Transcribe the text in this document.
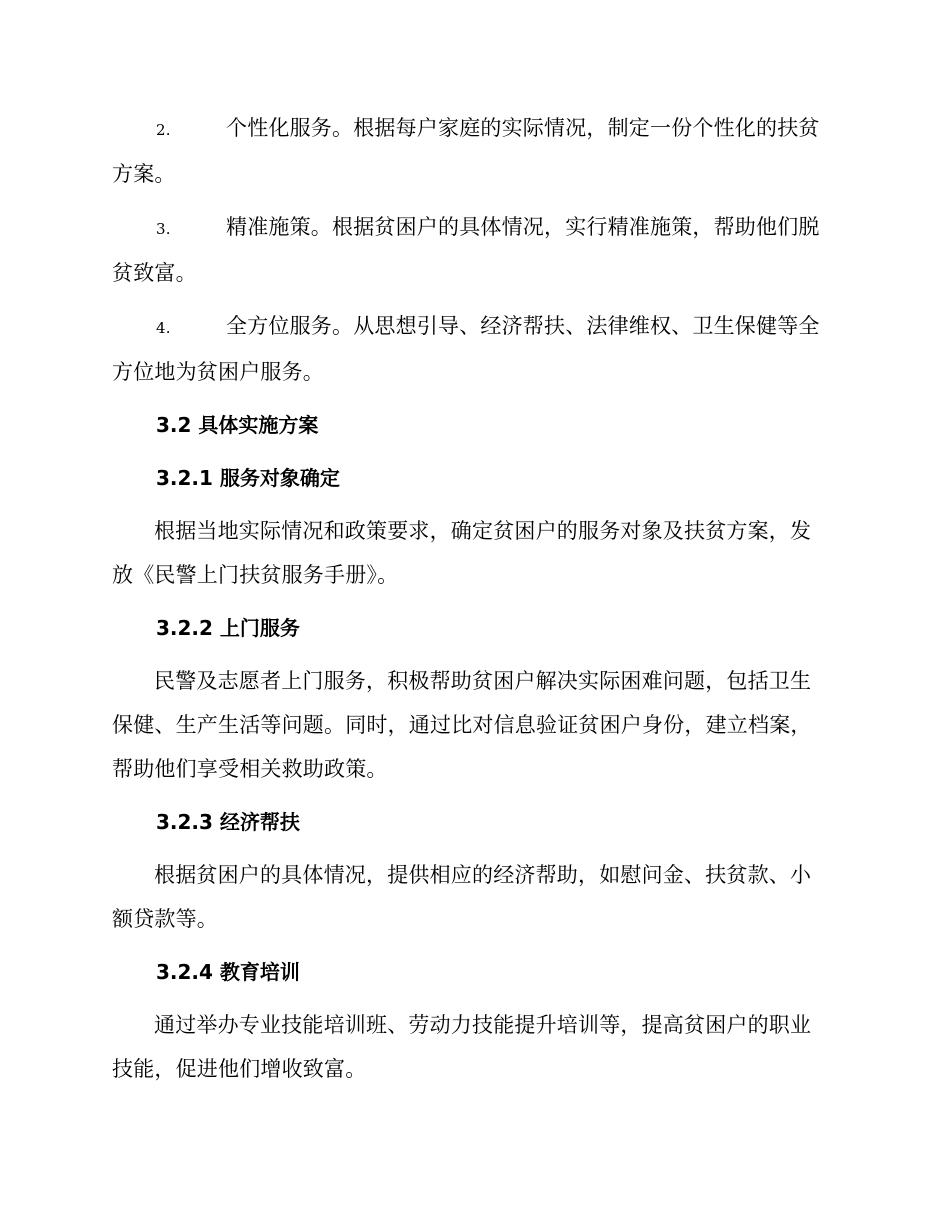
2.	个性化服务。根据每户家庭的实际情况，制定一份个性化的扶贫方案。

3.	精准施策。根据贫困户的具体情况，实行精准施策，帮助他们脱贫致富。

4.	全方位服务。从思想引导、经济帮扶、法律维权、卫生保健等全方位地为贫困户服务。

3.2 具体实施方案
3.2.1 服务对象确定

根据当地实际情况和政策要求，确定贫困户的服务对象及扶贫方案，发放《民警上门扶贫服务手册》。

3.2.2 上门服务

民警及志愿者上门服务，积极帮助贫困户解决实际困难问题，包括卫生保健、生产生活等问题。同时，通过比对信息验证贫困户身份，建立档案，帮助他们享受相关救助政策。

3.2.3 经济帮扶

根据贫困户的具体情况，提供相应的经济帮助，如慰问金、扶贫款、小额贷款等。

3.2.4 教育培训

通过举办专业技能培训班、劳动力技能提升培训等，提高贫困户的职业技能，促进他们增收致富。
